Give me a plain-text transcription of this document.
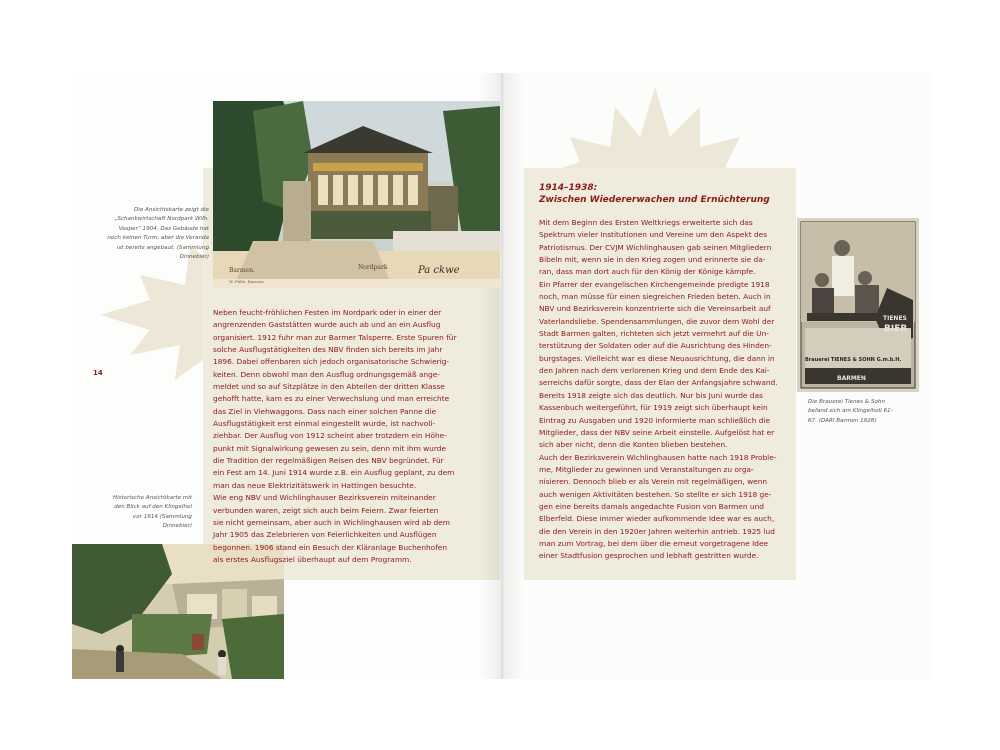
Barmen.	Nordpark
W. Fülle, Barmen.
Pa ckwe
TIENES
BIER
Brauerei TIENES & SOHN G.m.b.H.
BARMEN
Die Ansichtskarte zeigt die „Schankwirtschaft Nordpark Wilh. Vesper“ 1904. Das Gebäude hat noch keinen Turm, aber die Veranda ist bereits angebaut. (Sammlung Dinnebier)
Historische Ansichtkarte mit den Blick auf den Klingelhol vor 1914 (Sammlung Dinnebier)
Die Brauerei Tienes & Sohn befand sich am Klingelholl 61–67. (DARI Barmen 1928)
14

Neben feucht-fröhlichen Festen im Nordpark oder in einer der

angrenzenden Gaststätten wurde auch ab und an ein Ausflug

organisiert. 1912 fuhr man zur Barmer Talsperre. Erste Spuren für

solche Ausflugstätigkeiten des NBV finden sich bereits im Jahr

1896. Dabei offenbaren sich jedoch organisatorische Schwierig-

keiten. Denn obwohl man den Ausflug ordnungsgemäß ange-

meldet und so auf Sitzplätze in den Abteilen der dritten Klasse

gehofft hatte, kam es zu einer Verwechslung und man erreichte

das Ziel in Viehwaggons. Dass nach einer solchen Panne die

Ausflugstätigkeit erst einmal eingestellt wurde, ist nachvoll-

ziehbar. Der Ausflug von 1912 scheint aber trotzdem ein Höhe-

punkt mit Signalwirkung gewesen zu sein, denn mit ihm wurde

die Tradition der regelmäßigen Reisen des NBV begründet. Für

ein Fest am 14. Juni 1914 wurde z.B. ein Ausflug geplant, zu dem

man das neue Elektrizitätswerk in Hattingen besuchte.

Wie eng NBV und Wichlinghauser Bezirksverein miteinander

verbunden waren, zeigt sich auch beim Feiern. Zwar feierten

sie nicht gemeinsam, aber auch in Wichlinghausen wird ab dem

Jahr 1905 das Zelebrieren von Feierlichkeiten und Ausflügen

begonnen. 1906 stand ein Besuch der Kläranlage Buchenhofen

als erstes Ausflugsziel überhaupt auf dem Programm.

1914–1938:
Zwischen Wiedererwachen und Ernüchterung

Mit dem Beginn des Ersten Weltkriegs erweiterte sich das

Spektrum vieler Institutionen und Vereine um den Aspekt des

Patriotismus. Der CVJM Wichlinghausen gab seinen Mitgliedern

Bibeln mit, wenn sie in den Krieg zogen und erinnerte sie da-

ran, dass man dort auch für den König der Könige kämpfe.

Ein Pfarrer der evangelischen Kirchengemeinde predigte 1918

noch, man müsse für einen siegreichen Frieden beten. Auch in

NBV und Bezirksverein konzentrierte sich die Vereinsarbeit auf

Vaterlandsliebe. Spendensammlungen, die zuvor dem Wohl der

Stadt Barmen galten, richteten sich jetzt vermehrt auf die Un-

terstützung der Soldaten oder auf die Ausrichtung des Hinden-

burgstages. Vielleicht war es diese Neuausrichtung, die dann in

den Jahren nach dem verlorenen Krieg und dem Ende des Kai-

serreichs dafür sorgte, dass der Elan der Anfangsjahre schwand.

Bereits 1918 zeigte sich das deutlich. Nur bis Juni wurde das

Kassenbuch weitergeführt, für 1919 zeigt sich überhaupt kein

Eintrag zu Ausgaben und 1920 informierte man schließlich die

Mitglieder, dass der NBV seine Arbeit einstelle. Aufgelöst hat er

sich aber nicht, denn die Konten blieben bestehen.

Auch der Bezirksverein Wichlinghausen hatte nach 1918 Proble-

me, Mitglieder zu gewinnen und Veranstaltungen zu orga-

nisieren. Dennoch blieb er als Verein mit regelmäßigen, wenn

auch wenigen Aktivitäten bestehen. So stellte er sich 1918 ge-

gen eine bereits damals angedachte Fusion von Barmen und

Elberfeld. Diese immer wieder aufkommende Idee war es auch,

die den Verein in den 1920er Jahren weiterhin antrieb. 1925 lud

man zum Vortrag, bei dem über die erneut vorgetragene Idee

einer Stadtfusion gesprochen und lebhaft gestritten wurde.
